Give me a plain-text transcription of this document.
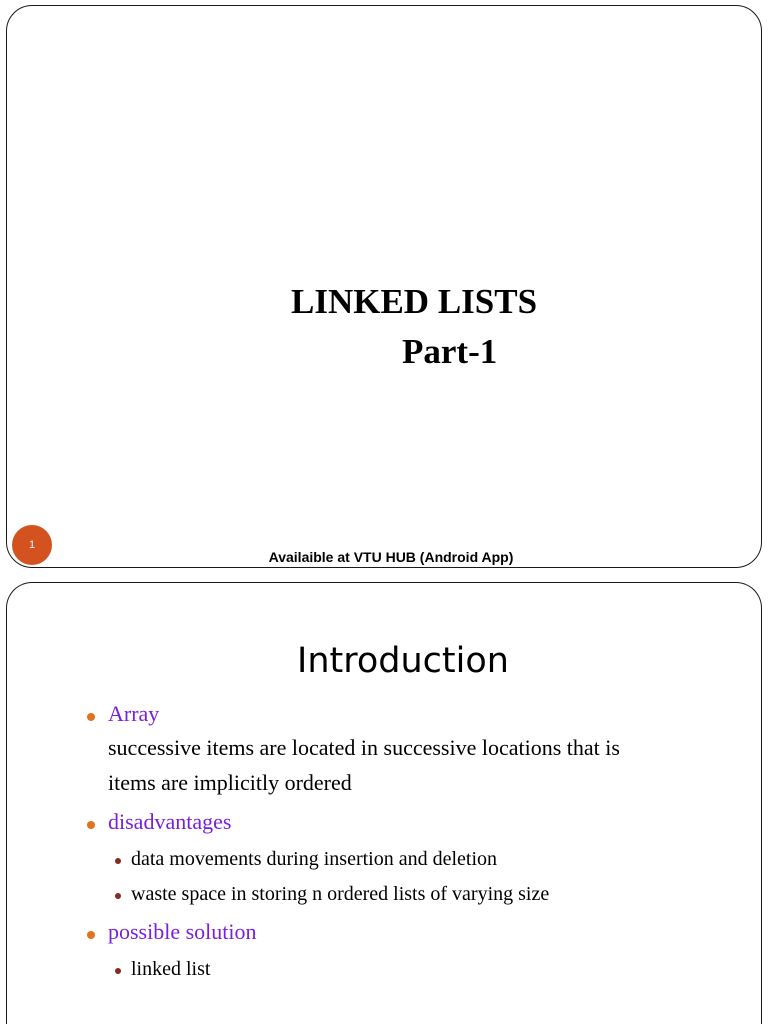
LINKED LISTS
Part-1
1
Availaible at VTU HUB (Android App)
Introduction
Array
successive items are located in successive locations that is
items are implicitly ordered
disadvantages
data movements during insertion and deletion
waste space in storing n ordered lists of varying size
possible solution
linked list
